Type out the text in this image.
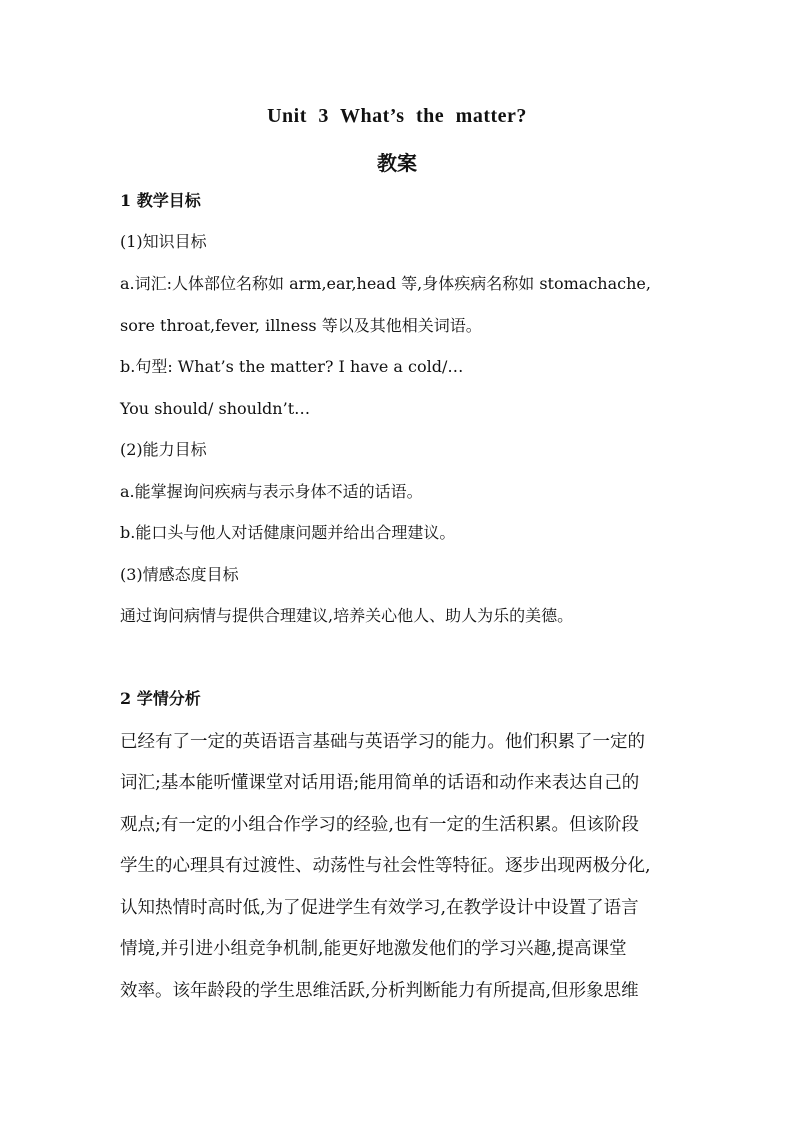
Unit 3 What’s the matter?
教案
1 教学目标
(1)知识目标
a.词汇:人体部位名称如 arm,ear,head 等,身体疾病名称如 stomachache,
sore throat,fever, illness 等以及其他相关词语。
b.句型: What’s the matter? I have a cold/…
You should/ shouldn’t…
(2)能力目标
a.能掌握询问疾病与表示身体不适的话语。
b.能口头与他人对话健康问题并给出合理建议。
(3)情感态度目标
通过询问病情与提供合理建议,培养关心他人、助人为乐的美德。
2 学情分析
已经有了一定的英语语言基础与英语学习的能力。他们积累了一定的
词汇;基本能听懂课堂对话用语;能用简单的话语和动作来表达自己的
观点;有一定的小组合作学习的经验,也有一定的生活积累。但该阶段
学生的心理具有过渡性、动荡性与社会性等特征。逐步出现两极分化,
认知热情时高时低,为了促进学生有效学习,在教学设计中设置了语言
情境,并引进小组竞争机制,能更好地激发他们的学习兴趣,提高课堂
效率。该年龄段的学生思维活跃,分析判断能力有所提高,但形象思维
